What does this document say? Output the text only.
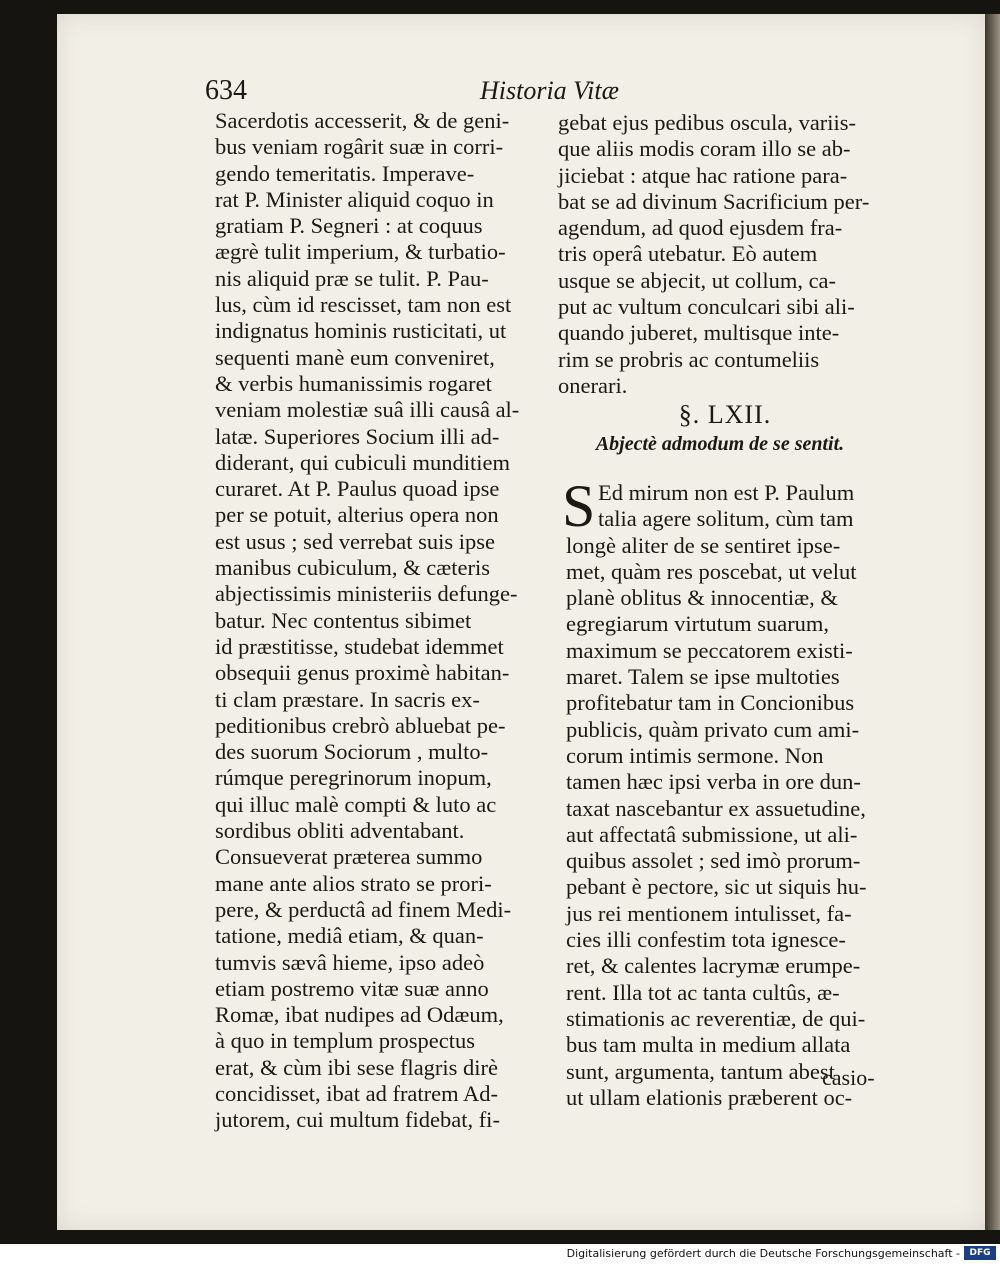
634	Historia Vitæ
Sacerdotis accesserit, & de geni-
bus veniam rogârit suæ in corri-
gendo temeritatis. Imperave-
rat P. Minister aliquid coquo in
gratiam P. Segneri : at coquus
ægrè tulit imperium, & turbatio-
nis aliquid præ se tulit. P. Pau-
lus, cùm id rescisset, tam non est
indignatus hominis rusticitati, ut
sequenti manè eum conveniret,
& verbis humanissimis rogaret
veniam molestiæ suâ illi causâ al-
latæ. Superiores Socium illi ad-
diderant, qui cubiculi munditiem
curaret. At P. Paulus quoad ipse
per se potuit, alterius opera non
est usus ; sed verrebat suis ipse
manibus cubiculum, & cæteris
abjectissimis ministeriis defunge-
batur. Nec contentus sibimet
id præstitisse, studebat idemmet
obsequii genus proximè habitan-
ti clam præstare. In sacris ex-
peditionibus crebrò abluebat pe-
des suorum Sociorum , multo-
rúmque peregrinorum inopum,
qui illuc malè compti & luto ac
sordibus obliti adventabant.
Consueverat præterea summo
mane ante alios strato se prori-
pere, & perductâ ad finem Medi-
tatione, mediâ etiam, & quan-
tumvis sævâ hieme, ipso adeò
etiam postremo vitæ suæ anno
Romæ, ibat nudipes ad Odæum,
à quo in templum prospectus
erat, & cùm ibi sese flagris dirè
concidisset, ibat ad fratrem Ad-
jutorem, cui multum fidebat, fi-
gebat ejus pedibus oscula, variis-
que aliis modis coram illo se ab-
jiciebat : atque hac ratione para-
bat se ad divinum Sacrificium per-
agendum, ad quod ejusdem fra-
tris operâ utebatur. Eò autem
usque se abjecit, ut collum, ca-
put ac vultum conculcari sibi ali-
quando juberet, multisque inte-
rim se probris ac contumeliis
onerari.
§. LXII.
Abjectè admodum de se sentit.
S Ed mirum non est P. Paulum
talia agere solitum, cùm tam
longè aliter de se sentiret ipse-
met, quàm res poscebat, ut velut
planè oblitus & innocentiæ, &
egregiarum virtutum suarum,
maximum se peccatorem existi-
maret. Talem se ipse multoties
profitebatur tam in Concionibus
publicis, quàm privato cum ami-
corum intimis sermone. Non
tamen hæc ipsi verba in ore dun-
taxat nascebantur ex assuetudine,
aut affectatâ submissione, ut ali-
quibus assolet ; sed imò prorum-
pebant è pectore, sic ut siquis hu-
jus rei mentionem intulisset, fa-
cies illi confestim tota ignesce-
ret, & calentes lacrymæ erumpe-
rent. Illa tot ac tanta cultûs, æ-
stimationis ac reverentiæ, de qui-
bus tam multa in medium allata
sunt, argumenta, tantum abest
ut ullam elationis præberent oc-
casio-
Digitalisierung gefördert durch die Deutsche Forschungsgemeinschaft -	DFG
